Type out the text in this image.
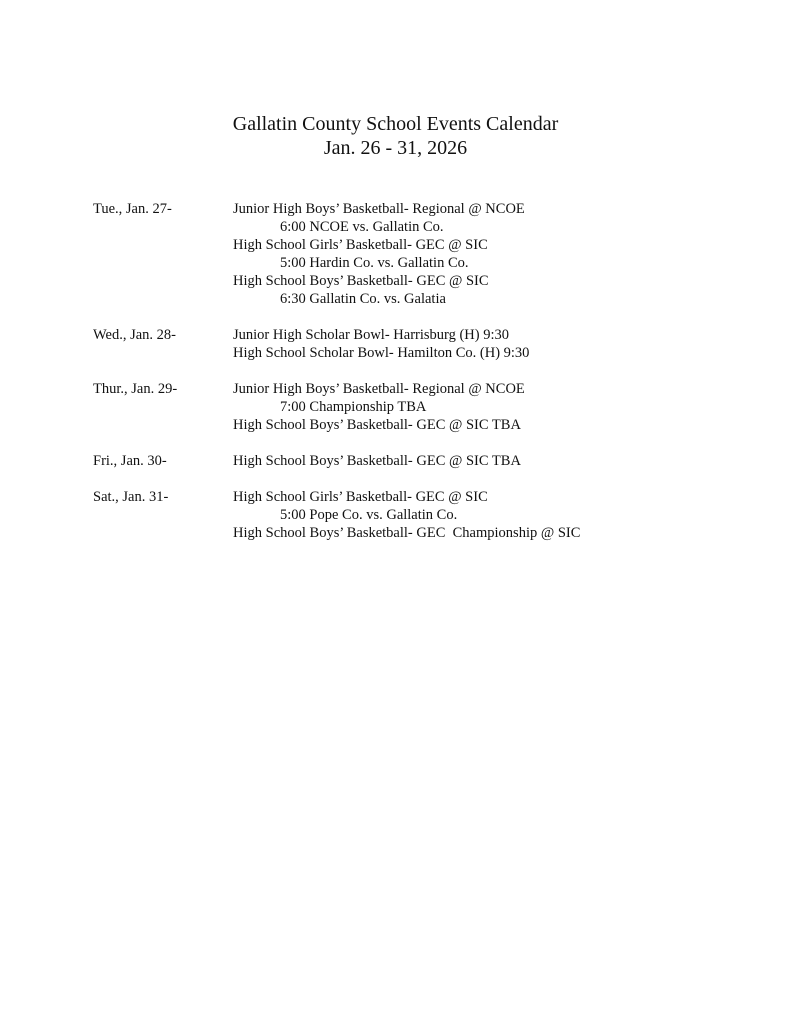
Gallatin County School Events Calendar
Jan. 26 - 31, 2026
Tue., Jan. 27-	Junior High Boys’ Basketball- Regional @ NCOE
6:00 NCOE vs. Gallatin Co.
High School Girls’ Basketball- GEC @ SIC
5:00 Hardin Co. vs. Gallatin Co.
High School Boys’ Basketball- GEC @ SIC
6:30 Gallatin Co. vs. Galatia
Wed., Jan. 28-	Junior High Scholar Bowl- Harrisburg (H) 9:30
High School Scholar Bowl- Hamilton Co. (H) 9:30
Thur., Jan. 29-	Junior High Boys’ Basketball- Regional @ NCOE
7:00 Championship TBA
High School Boys’ Basketball- GEC @ SIC TBA
Fri., Jan. 30-	High School Boys’ Basketball- GEC @ SIC TBA
Sat., Jan. 31-	High School Girls’ Basketball- GEC @ SIC
5:00 Pope Co. vs. Gallatin Co.
High School Boys’ Basketball- GEC  Championship @ SIC
